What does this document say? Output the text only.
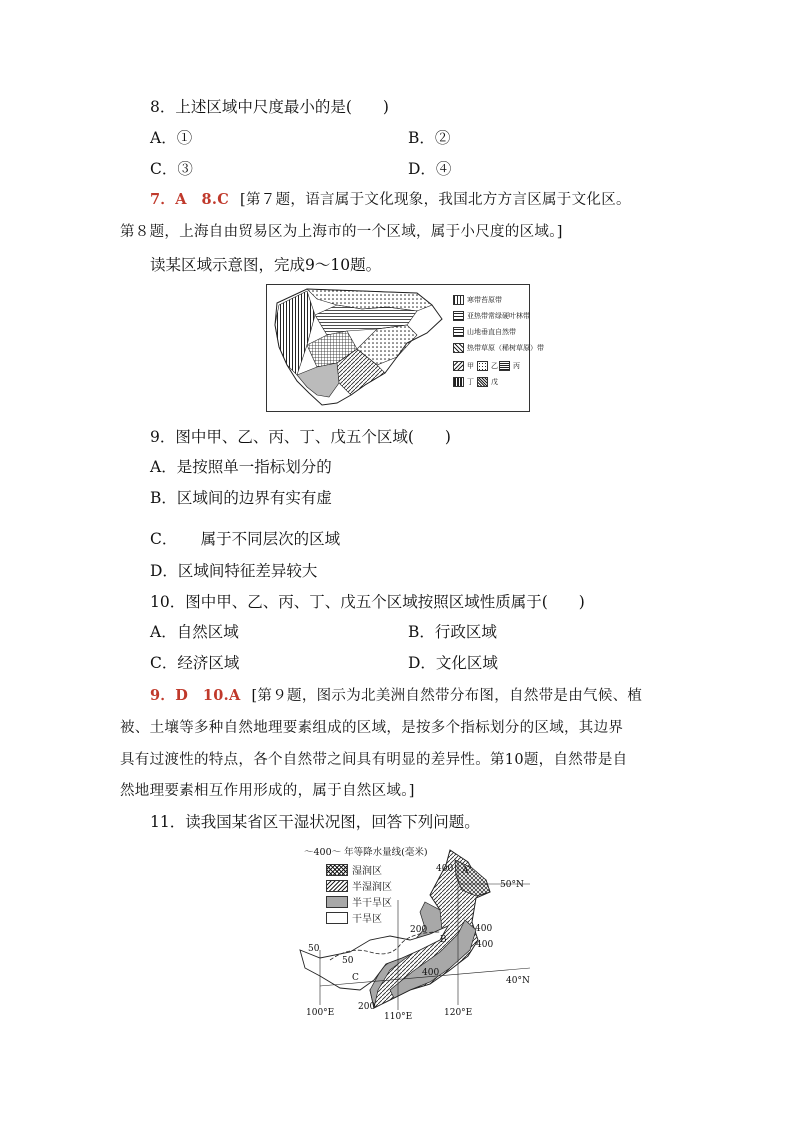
8．上述区域中尺度最小的是(　　)
A．①	B．②
C．③	D．④
7．A　8.C [第７题，语言属于文化现象，我国北方方言区属于文化区。
第８题，上海自由贸易区为上海市的一个区域，属于小尺度的区域。]
读某区域示意图，完成9～10题。
寒带苔原带
亚热带常绿硬叶林带
山地垂直自然带
热带草原（稀树草原）带
甲 乙 丙
丁 戊
9．图中甲、乙、丙、丁、戊五个区域(　　)
A．是按照单一指标划分的
B．区域间的边界有实有虚
C．　　属于不同层次的区域
D．区域间特征差异较大
10．图中甲、乙、丙、丁、戊五个区域按照区域性质属于(　　)
A．自然区域	B．行政区域
C．经济区域	D．文化区域
9．D　10.A [第９题，图示为北美洲自然带分布图，自然带是由气候、植
被、土壤等多种自然地理要素组成的区域，是按多个指标划分的区域，其边界
具有过渡性的特点，各个自然带之间具有明显的差异性。第10题，自然带是自
然地理要素相互作用形成的，属于自然区域。]
11．读我国某省区干湿状况图，回答下列问题。
〜400〜 年等降水量线(毫米)
湿润区
半湿润区
半干旱区
干旱区
A
B
C
400
400
400
400
200
200
50
50
50°N
40°N
100°E	110°E	120°E
